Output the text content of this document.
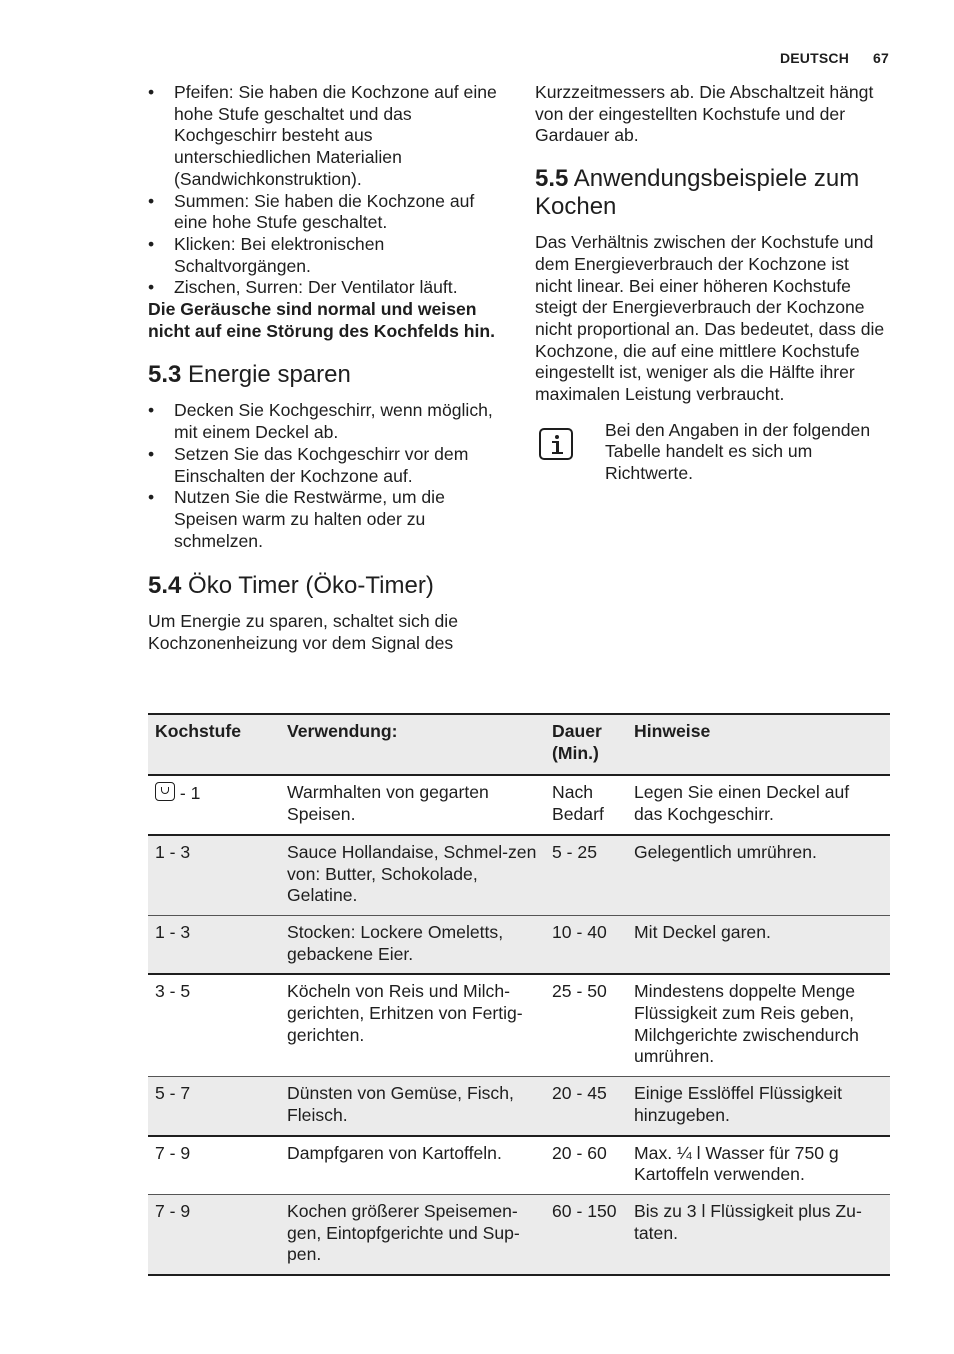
DEUTSCH 67
• Pfeifen: Sie haben die Kochzone auf eine hohe Stufe geschaltet und das Kochgeschirr besteht aus unterschiedlichen Materialien (Sandwichkonstruktion).
• Summen: Sie haben die Kochzone auf eine hohe Stufe geschaltet.
• Klicken: Bei elektronischen Schaltvorgängen.
• Zischen, Surren: Der Ventilator läuft.

Die Geräusche sind normal und weisen nicht auf eine Störung des Kochfelds hin.

5.3 Energie sparen
• Decken Sie Kochgeschirr, wenn möglich, mit einem Deckel ab.
• Setzen Sie das Kochgeschirr vor dem Einschalten der Kochzone auf.
• Nutzen Sie die Restwärme, um die Speisen warm zu halten oder zu schmelzen.
5.4 Öko Timer (Öko-Timer)

Um Energie zu sparen, schaltet sich die Kochzonenheizung vor dem Signal des

Kurzzeitmessers ab. Die Abschaltzeit hängt von der eingestellten Kochstufe und der Gardauer ab.

5.5 Anwendungsbeispiele zum Kochen

Das Verhältnis zwischen der Kochstufe und dem Energieverbrauch der Kochzone ist nicht linear. Bei einer höheren Kochstufe steigt der Energieverbrauch der Kochzone nicht proportional an. Das bedeutet, dass die Kochzone, die auf eine mittlere Kochstufe eingestellt ist, weniger als die Hälfte ihrer maximalen Leistung verbraucht.

Bei den Angaben in der folgenden Tabelle handelt es sich um Richtwerte.

Kochstufe	Verwendung:	Dauer (Min.)	Hinweise
- 1	Warmhalten von gegarten Speisen.	Nach Bedarf	Legen Sie einen Deckel auf das Kochgeschirr.
1 - 3	Sauce Hollandaise, Schmel-zen von: Butter, Schokolade, Gelatine.	5 - 25	Gelegentlich umrühren.
1 - 3	Stocken: Lockere Omeletts, gebackene Eier.	10 - 40	Mit Deckel garen.
3 - 5	Köcheln von Reis und Milch-gerichten, Erhitzen von Fertig-gerichten.	25 - 50	Mindestens doppelte Menge Flüssigkeit zum Reis geben, Milchgerichte zwischendurch umrühren.
5 - 7	Dünsten von Gemüse, Fisch, Fleisch.	20 - 45	Einige Esslöffel Flüssigkeit hinzugeben.
7 - 9	Dampfgaren von Kartoffeln.	20 - 60	Max. ¼ l Wasser für 750 g Kartoffeln verwenden.
7 - 9	Kochen größerer Speisemen-gen, Eintopfgerichte und Sup-pen.	60 - 150	Bis zu 3 l Flüssigkeit plus Zu-taten.
